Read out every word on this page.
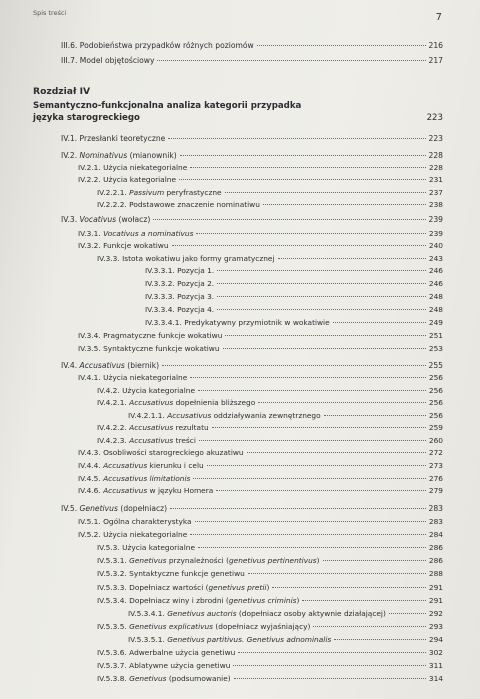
Spis treści	7
Rozdział IV
Semantyczno-funkcjonalna analiza kategorii przypadka
języka starogreckiego	223
III.6. Podobieństwa przypadków różnych poziomów	216
III.7. Model objętościowy	217
IV.1. Przesłanki teoretyczne	223
IV.2. Nominativus (mianownik)	228
IV.2.1. Użycia niekategorialne	228
IV.2.2. Użycia kategorialne	231
IV.2.2.1. Passivum peryfrastyczne	237
IV.2.2.2. Podstawowe znaczenie nominatiwu	238
IV.3. Vocativus (wołacz)	239
IV.3.1. Vocativus a nominativus	239
IV.3.2. Funkcje wokatiwu	240
IV.3.3. Istota wokatiwu jako formy gramatycznej	243
IV.3.3.1. Pozycja 1.	246
IV.3.3.2. Pozycja 2.	246
IV.3.3.3. Pozycja 3.	248
IV.3.3.4. Pozycja 4.	248
IV.3.3.4.1. Predykatywny przymiotnik w wokatiwie	249
IV.3.4. Pragmatyczne funkcje wokatiwu	251
IV.3.5. Syntaktyczne funkcje wokatiwu	253
IV.4. Accusativus (biernik)	255
IV.4.1. Użycia niekategorialne	256
IV.4.2. Użycia kategorialne	256
IV.4.2.1. Accusativus dopełnienia bliższego	256
IV.4.2.1.1. Accusativus oddziaływania zewnętrznego	256
IV.4.2.2. Accusativus rezultatu	259
IV.4.2.3. Accusativus treści	260
IV.4.3. Osobliwości starogreckiego akuzatiwu	272
IV.4.4. Accusativus kierunku i celu	273
IV.4.5. Accusativus limitationis	276
IV.4.6. Accusativus w języku Homera	279
IV.5. Genetivus (dopełniacz)	283
IV.5.1. Ogólna charakterystyka	283
IV.5.2. Użycia niekategorialne	284
IV.5.3. Użycia kategorialne	286
IV.5.3.1. Genetivus przynależności (genetivus pertinentivus)	286
IV.5.3.2. Syntaktyczne funkcje genetiwu	288
IV.5.3.3. Dopełniacz wartości (genetivus pretii)	291
IV.5.3.4. Dopełniacz winy i zbrodni (genetivus criminis)	291
IV.5.3.4.1. Genetivus auctoris (dopełniacz osoby aktywnie działającej)	292
IV.5.3.5. Genetivus explicativus (dopełniacz wyjaśniający)	293
IV.5.3.5.1. Genetivus partitivus. Genetivus adnominalis	294
IV.5.3.6. Adwerbalne użycia genetiwu	302
IV.5.3.7. Ablatywne użycia genetiwu	311
IV.5.3.8. Genetivus (podsumowanie)	314
